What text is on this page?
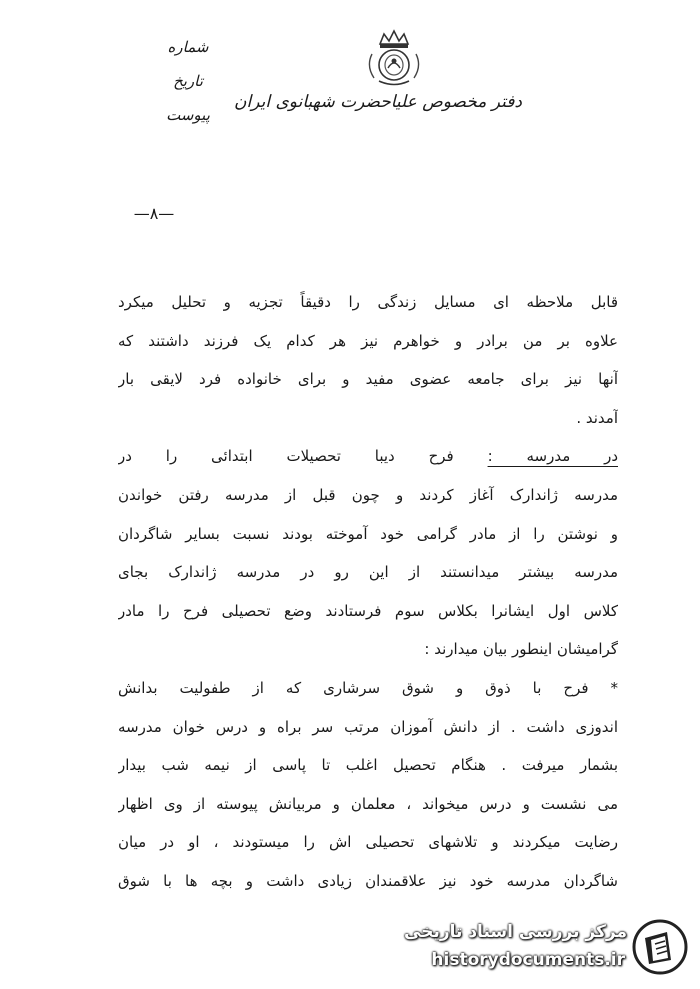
دفتر مخصوص علیاحضرت شهبانوی ایران
شماره
تاریخ
پیوست
—۸—
قابل ملاحظه ای مسایل زندگی را دقیقاً تجزیه و تحلیل میکرد
علاوه بر من برادر و خواهرم نیز هر کدام یک فرزند داشتند که
آنها نیز برای جامعه عضوی مفید و برای خانواده فرد لایقی بار
آمدند .
در مدرسه : فرح دیبا تحصیلات ابتدائی را در
مدرسه ژاندارک آغاز کردند و چون قبل از مدرسه رفتن خواندن
و نوشتن را از مادر گرامی خود آموخته بودند نسبت بسایر شاگردان
مدرسه بیشتر میدانستند از این رو در مدرسه ژاندارک بجای
کلاس اول ایشانرا بکلاس سوم فرستادند وضع تحصیلی فرح را مادر
گرامیشان اینطور بیان میدارند :
* فرح با ذوق و شوق سرشاری که از طفولیت بدانش
اندوزی داشت . از دانش آموزان مرتب سر براه و درس خوان مدرسه
بشمار میرفت . هنگام تحصیل اغلب تا پاسی از نیمه شب بیدار
می نشست و درس میخواند ، معلمان و مربیانش پیوسته از وی اظهار
رضایت میکردند و تلاشهای تحصیلی اش را میستودند ، او در میان
شاگردان مدرسه خود نیز علاقمندان زیادی داشت و بچه ها با شوق
مرکز بررسی اسناد تاریخی
historydocuments.ir
